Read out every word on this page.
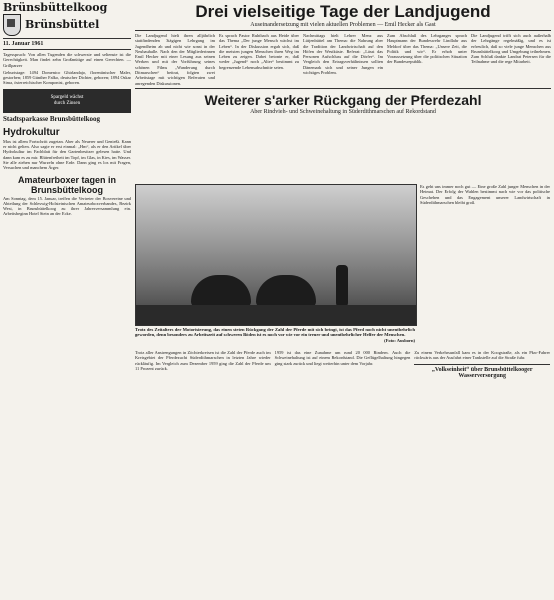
Brünsbüttelkoog
Brünsbüttel
11. Januar 1961
Tagesspruch: Von allen Tugenden die schwerste und seltenste ist die Gerechtigkeit. Man findet zehn Großmütige auf einen Gerechten. — Grillparzer
Geburtstage: 1494 Domenico Ghirlandajo, florentinischer Maler, gestorben; 1859 Günther Falko, deutscher Dichter, geboren; 1894 Oskar Sima, österreichischer Komponist, geboren.
Spargeld wächst
durch Zinsen
Stadtsparkasse Brunsbüttelkoog
Hydrokultur
Max ist allem Fortschritt zugetan. Aber als Neuerer und Genießt. Kann er nicht gelten. Also sagte er erst einmal: „Hm“, als er den Artikel über Hydrokultur im Fachblatt für den Gartenbesitzer gelesen hatte. Und dann kam es zu mir. Blütenfreiheit im Topf, im Glas, in Kies, im Wasser. Sie alle ziehen nur Wurzeln ohne Erde. Dann ging es los mit Fragen, Versuchen und manchem Ärger.
Amateurboxer tagen in Brunsbüttelkoog
Am Sonntag, dem 15. Januar, treffen die Vertreter der Boxvereine und Abteilung der Schleswig-Holsteinischen Amateurboxverbandes, Bezirk West, in Brunsbüttelkoog zu ihrer Jahresversammlung ein. Arbeitsbeginn Hotel Stein an der Ecke.
Drei vielseitige Tage der Landjugend
Auseinandersetzung mit vielen aktuellen Problemen — Emil Hecker als Gast
Die Landjugend hielt ihren alljährlich stattfindenden 3tägigen Lehrgang im Jugendheim ab und nicht wie sonst in der Neubauhalle. Nach den der Mitgliederinnen Emil Hecker mit einer Lesung aus seinen Werken und mit der Vorführung seines schönen Films „Wanderung durch Ditmarschen“ beitrat, folgten zwei Arbeitstage mit wichtigen Referaten und anregenden Diskussionen.
Es sprach Pastor Ruhtbach aus Heide über das Thema „Der junge Mensch wächst im Leben“. In der Diskussion ergab sich, daß die meisten jungen Menschen ihren Weg im Leben zu zeigen. Dabei betonte er, daß weder „Jugend“ noch „Alter“ bestimmt zu begrenzende Lebensabschnitte seien.
Nachmittags hielt Lehrer Menz aus Lütjenbüttel am Thema: die Nahrung aber die Tradition der Landwirtschaft auf den Höfen der Westküste. Referat: „Lässt das Personen Aufschluss auf die Dörfer“. Im Vergleich den Ertragsverhältnissen sollten Dänemark sich und seiner Jungen ein wichtiges Problem.
Zum Abschluß des Lehrganges sprach Hauptmann der Bundeswehr Lindlahr aus Meldorf über das Thema: „Unsere Zeit, die Politik und wir“. Er erhob unter Voraussetzung über die politischen Situation der Bundesrepublik.
Die Landjugend trifft sich auch außerhalb der Lehrgänge regelmäßig, und es ist erfreulich, daß so viele junge Menschen aus Brunsbüttelkoog und Umgebung teilnehmen. Zum Schluß dankte Landrat Petersen für die Teilnahme und die rege Mitarbeit.
Weiterer s'arker Rückgang der Pferdezahl
Aber Rindvieh- und Schweinehaltung in Süderdithmarschen auf Rekordstand
Trotz des Zeitalters der Motorisierung, das einen steten Rückgang der Zahl der Pferde mit sich bringt, ist das Pferd noch nicht unentbehrlich geworden, denn besonders zu Arbeitszeit auf schweren Böden ist es noch vor wie vor ein treuer und unentbehrlicher Helfer der Menschen.
(Foto: Ausborn)
Es geht uns immer noch gut — Eine große Zahl junger Menschen in der Heimat. Der Erfolg der Wahlen bestimmt nach wie vor das politische Geschehen und das Engagement unserer Landwirtschaft in Süderdithmarschen bleibt groß.
Trotz aller Anstrengungen in Zöchterkreisen ist die Zahl der Pferde auch im Kreisgebiet der Pferdezucht Süderdithmarschen in letzten Jahre wieder rückläufig. Im Vergleich zum Dezember 1959 ging die Zahl der Pferde um 11 Prozent zurück.
1959 ist das eine Zunahme um rund 20 000 Rindern. Auch die Schweinehaltung ist auf einem Rekordstand. Die Geflügelhaltung hingegen ging stark zurück und liegt weiterhin unter dem Vorjahr.
Zu einem Verkehrsunfall kam es in der Koogstraße, als ein Pkw-Fahrer rückwärts aus der Ausfahrt einer Tankstelle auf die Straße fuhr.
„Volkseinheit“ über Brunsbüttelkooger Wasserversorgung
